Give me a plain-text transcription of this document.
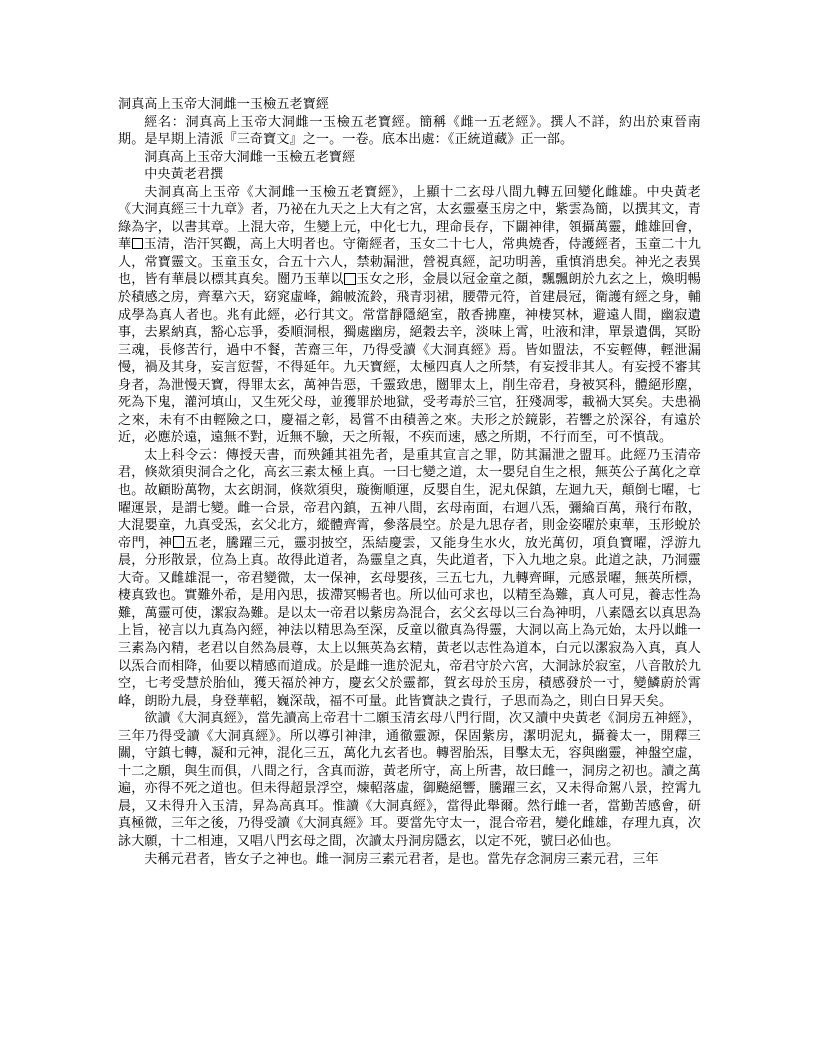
洞真高上玉帝大洞雌一玉檢五老寶經

經名：洞真高上玉帝大洞雌一玉檢五老寶經。簡稱《雌一五老經》。撰人不詳，約出於東晉南期。是早期上清派『三奇寶文』之一。一卷。底本出處：《正統道藏》正一部。

洞真高上玉帝大洞雌一玉檢五老寶經

中央黃老君撰

夫洞真高上玉帝《大洞雌一玉檢五老寶經》，上顯十二玄母八間九轉五回變化雌雄。中央黃老《大洞真經三十九章》者，乃祕在九天之上大有之宮，太玄靈臺玉房之中，紫雲為簡，以撰其文，青綠為字，以書其章。上混大帝，生變上元，中化七九，理命長存，下闢神律，領攝萬靈，雌雄回會，華 玉清，浩汗冥觀，高上大明者也。守衛經者，玉女二十七人，常典燒香，侍護經者，玉童二十九人，常寶靈文。玉童玉女，合五十六人，禁勅漏泄，營視真經，記功明善，重慎消患矣。神光之表異也，皆有華晨以標其真矣。闓乃玉華以 玉女之形，金晨以冠金童之顏，飄飄朗於九玄之上，煥明暢於積感之房，齊羣六天，窈窕虛峰，錦帔流鈴，飛青羽裙，腰帶元符，首建晨冠，衛護有經之身，輔成學為真人者也。兆有此經，必行其文。常當靜隱絕室，散香拂塵，神棲冥林，避遠人間，幽寂遺事，去累納真，豁心忘爭，委順洞根，獨處幽房，絕穀去辛，淡味上霄，吐液和津，單景遺偶，冥盼三魂，長修苦行，過中不餐，苦齋三年，乃得受讀《大洞真經》焉。皆如盟法，不妄輕傳，輕泄漏慢，禍及其身，妄言愆誓，不得延年。九天寶經，太極四真人之所禁，有妄授非其人。有妄授不審其身者，為泄慢天寶，得罪太玄，萬神告惡，千靈致患，闓罪太上，削生帝君，身被冥科，體絕形塵，死為下鬼，灌河填山，又生死父母，並獲罪於地獄，受考毒於三官，狂殘凋零，載禍大冥矣。夫患禍之來，未有不由輕險之口，慶福之彰，曷嘗不由積善之來。夫形之於鏡影，若響之於深谷，有遠於近，必應於遠，遠無不對，近無不驗，天之所報，不疾而速，感之所期，不行而至，可不慎哉。

太上科令云：傳授天書，而殃鍾其祖先者，是重其宣言之罪，防其漏泄之盟耳。此經乃玉清帝君，倏欻須臾洞合之化，高玄三素太極上真。一曰七變之道，太一嬰兒自生之根，無英公子萬化之章也。故顧盼萬物，太玄朗洞，倏欻須臾，璇衡順運，反嬰自生，泥丸保鎮，左迴九天，顛倒七曜，七曜運景，是謂七變。雌一合景，帝君內鎮，五神八間，玄母南面，右迴八炁，彌綸百萬，飛行布散，大混嬰童，九真受炁，玄父北方，縱體齊霄，參落晨空。於是九思存者，則金姿曜於東華，玉形蛻於帝門，神 五老，騰躍三元，靈羽披空，炁結慶雲，又能身生水火，放光萬仞，項負寶曜，浮游九晨，分形散景，位為上真。故得此道者，為靈皇之真，失此道者，下入九地之泉。此道之訣，乃洞靈大奇。又雌雄混一，帝君變微，太一保神，玄母嬰孩，三五七九，九轉齊暉，元感景曜，無英所標，棲真致也。實難外希，是用內思，拔滯冥暢者也。所以仙可求也，以精至為難，真人可見，養志性為難，萬靈可使，潔寂為難。是以太一帝君以紫房為混合，玄父玄母以三台為神明，八素隱玄以真思為上旨，祕言以九真為內經，神法以精思為至深，反童以徹真為得靈，大洞以高上為元始，太丹以雌一三素為內精，老君以自然為晨尊，太上以無英為玄精，黃老以志性為道本，白元以潔寂為入真，真人以炁合而相降，仙要以精感而道成。於是雌一進於泥丸，帝君守於六宮，大洞詠於寂室，八音散於九空，七考受慧於胎仙，獲天福於神方，慶玄父於靈都，賀玄母於玉房，積感發於一寸，變鱗蔚於霄峰，朗盼九晨，身登華軺，巍深哉，福不可量。此皆寶訣之貴行，子思而為之，則白日昇天矣。

欲讀《大洞真經》，當先讀高上帝君十二願玉清玄母八門行間，次又讀中央黃老《洞房五神經》，三年乃得受讀《大洞真經》。所以導引神津，通徹靈源，保固紫房，潔明泥丸，攝養太一，開釋三關，守鎮七轉，凝和元神，混化三五，萬化九玄者也。轉習胎炁，目擊太无，容與幽靈，神盤空虛，十二之願，與生而俱，八間之行，含真而游，黃老所守，高上所書，故曰雌一，洞房之初也。讀之萬遍，亦得不死之道也。但未得超景浮空，煉軺落虛，御飈絕響，騰躍三玄，又未得命駕八景，控霄九晨，又未得升入玉清，昇為高真耳。惟讀《大洞真經》，當得此舉爾。然行雌一者，當勤苦感會，研真極微，三年之後，乃得受讀《大洞真經》耳。要當先守太一，混合帝君，變化雌雄，存理九真，次詠大願，十二相連，又唱八門玄母之間，次讀太丹洞房隱玄，以定不死，號曰必仙也。

夫稱元君者，皆女子之神也。雌一洞房三素元君者，是也。當先存念洞房三素元君，三年
